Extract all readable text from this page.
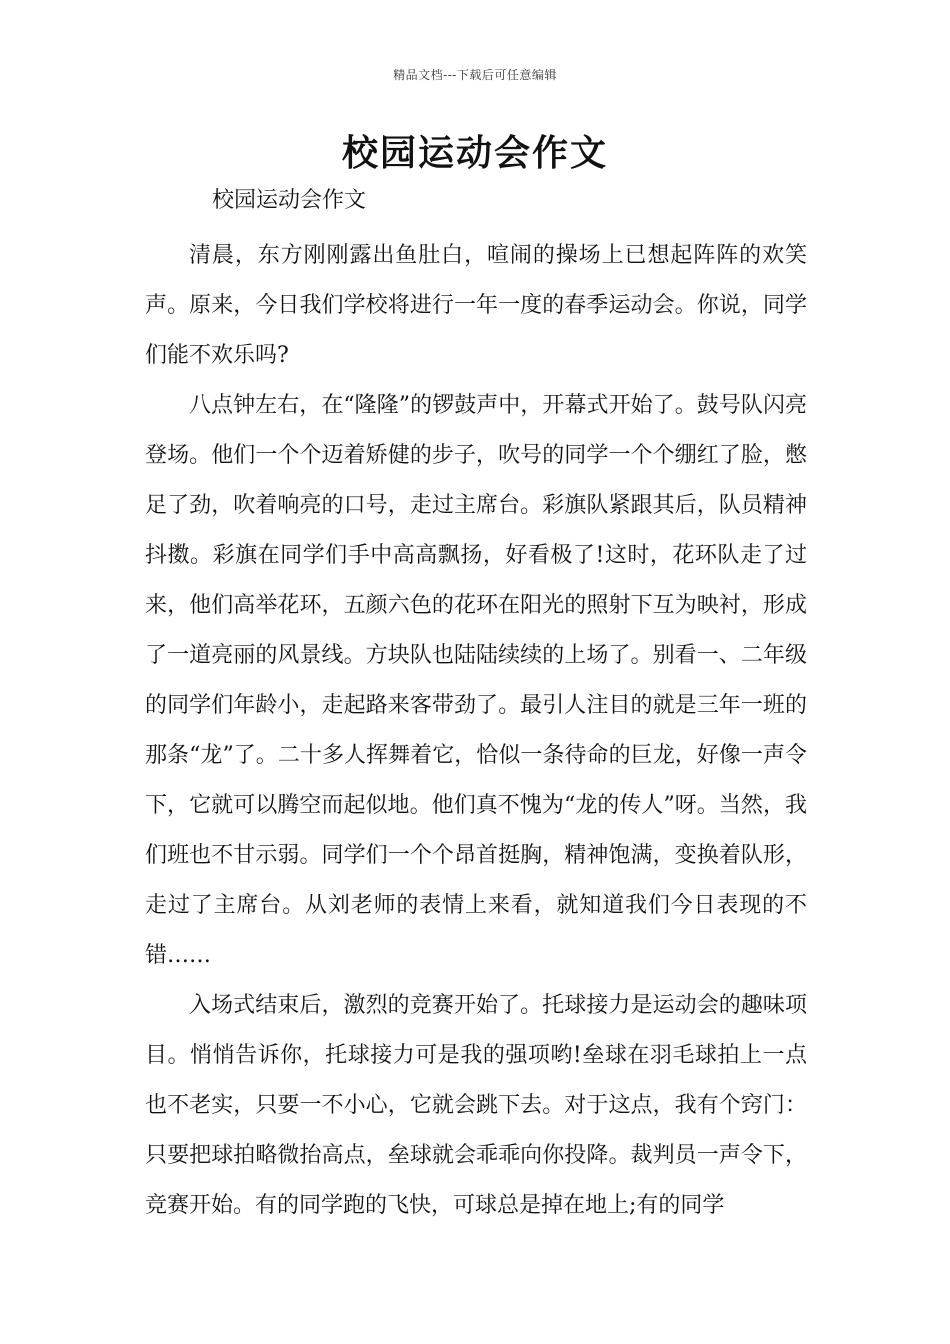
精品文档---下载后可任意编辑
校园运动会作文
校园运动会作文

清晨，东方刚刚露出鱼肚白，喧闹的操场上已想起阵阵的欢笑声。原来，今日我们学校将进行一年一度的春季运动会。你说，同学们能不欢乐吗?

八点钟左右，在“隆隆”的锣鼓声中，开幕式开始了。鼓号队闪亮登场。他们一个个迈着矫健的步子，吹号的同学一个个绷红了脸，憋足了劲，吹着响亮的口号，走过主席台。彩旗队紧跟其后，队员精神抖擞。彩旗在同学们手中高高飘扬，好看极了!这时，花环队走了过来，他们高举花环，五颜六色的花环在阳光的照射下互为映衬，形成了一道亮丽的风景线。方块队也陆陆续续的上场了。别看一、二年级的同学们年龄小，走起路来客带劲了。最引人注目的就是三年一班的那条“龙”了。二十多人挥舞着它，恰似一条待命的巨龙，好像一声令下，它就可以腾空而起似地。他们真不愧为“龙的传人”呀。当然，我们班也不甘示弱。同学们一个个昂首挺胸，精神饱满，变换着队形，走过了主席台。从刘老师的表情上来看，就知道我们今日表现的不错……

入场式结束后，激烈的竞赛开始了。托球接力是运动会的趣味项目。悄悄告诉你，托球接力可是我的强项哟!垒球在羽毛球拍上一点也不老实，只要一不小心，它就会跳下去。对于这点，我有个窍门：只要把球拍略微抬高点，垒球就会乖乖向你投降。裁判员一声令下，竞赛开始。有的同学跑的飞快，可球总是掉在地上;有的同学
